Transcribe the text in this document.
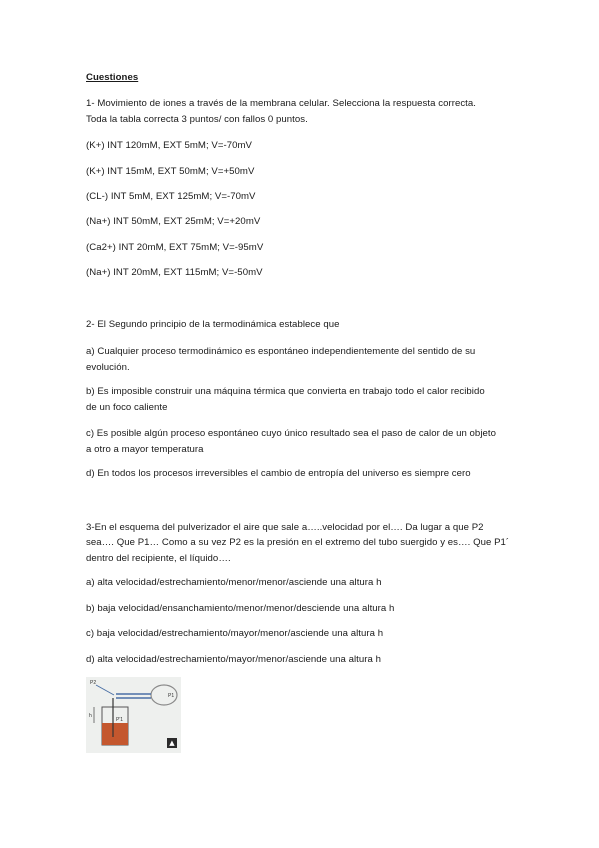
Cuestiones
1- Movimiento de iones a través de la membrana celular. Selecciona la respuesta correcta.
Toda la tabla correcta 3 puntos/ con fallos 0 puntos.
(K+) INT 120mM, EXT 5mM; V=-70mV
(K+) INT 15mM, EXT 50mM; V=+50mV
(CL-) INT 5mM, EXT 125mM; V=-70mV
(Na+) INT 50mM, EXT 25mM; V=+20mV
(Ca2+) INT 20mM, EXT 75mM; V=-95mV
(Na+) INT 20mM, EXT 115mM; V=-50mV
2- El Segundo principio de la termodinámica establece que
a) Cualquier proceso termodinámico es espontáneo independientemente del sentido de su
evolución.
b) Es imposible construir una máquina térmica que convierta en trabajo todo el calor recibido
de un foco caliente
c) Es posible algún proceso espontáneo cuyo único resultado sea el paso de calor de un objeto
a otro a mayor temperatura
d) En todos los procesos irreversibles el cambio de entropía del universo es siempre cero
3-En el esquema del pulverizador el aire que sale a…..velocidad por el…. Da lugar a que P2
sea…. Que P1… Como a su vez P2 es la presión en el extremo del tubo suergido y es…. Que P1´
dentro del recipiente, el líquido….
a) alta velocidad/estrechamiento/menor/menor/asciende una altura h
b) baja velocidad/ensanchamiento/menor/menor/desciende una altura h
c) baja velocidad/estrechamiento/mayor/menor/asciende una altura h
d) alta velocidad/estrechamiento/mayor/menor/asciende una altura h
P2
P1
h
P'1
▲
